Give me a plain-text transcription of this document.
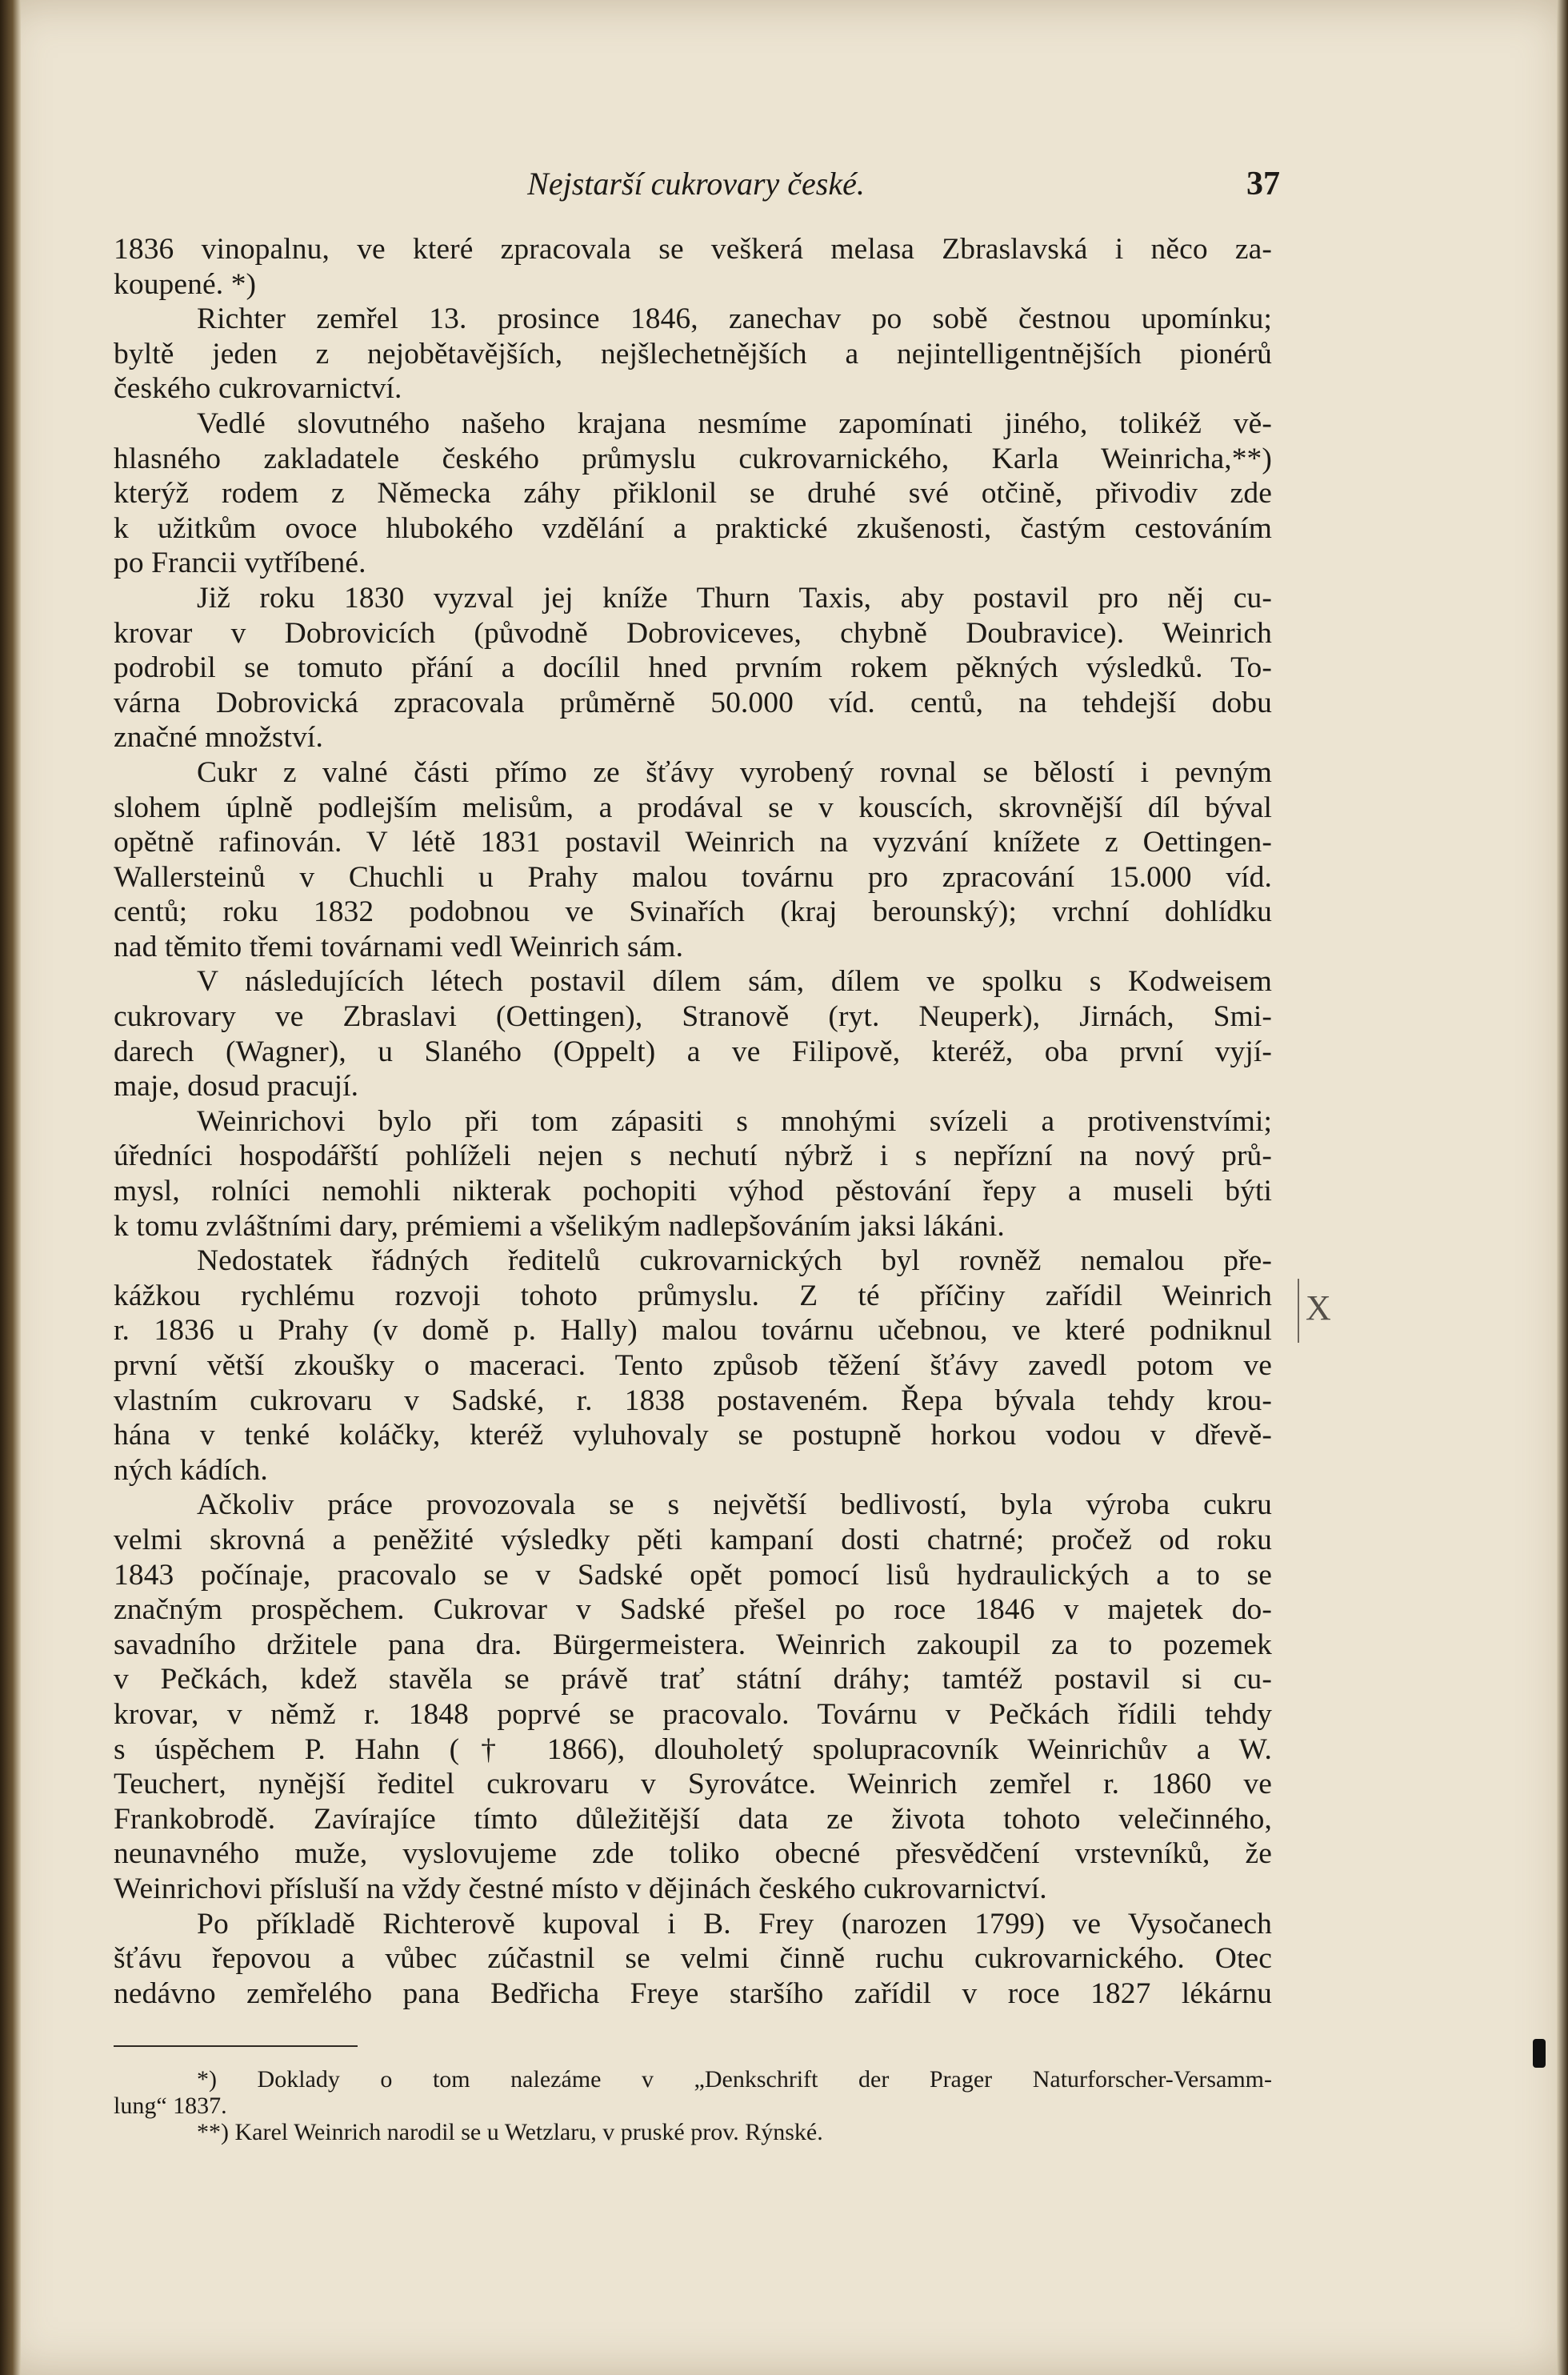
Nejstarší cukrovary české.	37
1836 vinopalnu, ve které zpracovala se veškerá melasa Zbraslavská i něco za-
koupené. *)
Richter zemřel 13. prosince 1846, zanechav po sobě čestnou upomínku;
byltě jeden z nejobětavějších, nejšlechetnějších a nejintelligentnějších pionérů
českého cukrovarnictví.
Vedlé slovutného našeho krajana nesmíme zapomínati jiného, tolikéž vě-
hlasného zakladatele českého průmyslu cukrovarnického, Karla Weinricha,**)
kterýž rodem z Německa záhy přiklonil se druhé své otčině, přivodiv zde
k užitkům ovoce hlubokého vzdělání a praktické zkušenosti, častým cestováním
po Francii vytříbené.
Již roku 1830 vyzval jej kníže Thurn Taxis, aby postavil pro něj cu-
krovar v Dobrovicích (původně Dobroviceves, chybně Doubravice). Weinrich
podrobil se tomuto přání a docílil hned prvním rokem pěkných výsledků. To-
várna Dobrovická zpracovala průměrně 50.000 víd. centů, na tehdejší dobu
značné množství.
Cukr z valné části přímo ze šťávy vyrobený rovnal se bělostí i pevným
slohem úplně podlejším melisům, a prodával se v kouscích, skrovnější díl býval
opětně rafinován. V létě 1831 postavil Weinrich na vyzvání knížete z Oettingen-
Wallersteinů v Chuchli u Prahy malou továrnu pro zpracování 15.000 víd.
centů; roku 1832 podobnou ve Svinařích (kraj berounský); vrchní dohlídku
nad těmito třemi továrnami vedl Weinrich sám.
V následujících létech postavil dílem sám, dílem ve spolku s Kodweisem
cukrovary ve Zbraslavi (Oettingen), Stranově (ryt. Neuperk), Jirnách, Smi-
darech (Wagner), u Slaného (Oppelt) a ve Filipově, kteréž, oba první vyjí-
maje, dosud pracují.
Weinrichovi bylo při tom zápasiti s mnohými svízeli a protivenstvími;
úředníci hospodářští pohlíželi nejen s nechutí nýbrž i s nepřízní na nový prů-
mysl, rolníci nemohli nikterak pochopiti výhod pěstování řepy a museli býti
k tomu zvláštními dary, prémiemi a všelikým nadlepšováním jaksi lákáni.
Nedostatek řádných ředitelů cukrovarnických byl rovněž nemalou pře-
kážkou rychlému rozvoji tohoto průmyslu. Z té příčiny zařídil Weinrich
r. 1836 u Prahy (v domě p. Hally) malou továrnu učebnou, ve které podniknul
první větší zkoušky o maceraci. Tento způsob těžení šťávy zavedl potom ve
vlastním cukrovaru v Sadské, r. 1838 postaveném. Řepa bývala tehdy krou-
hána v tenké koláčky, kteréž vyluhovaly se postupně horkou vodou v dřevě-
ných kádích.
Ačkoliv práce provozovala se s největší bedlivostí, byla výroba cukru
velmi skrovná a peněžité výsledky pěti kampaní dosti chatrné; pročež od roku
1843 počínaje, pracovalo se v Sadské opět pomocí lisů hydraulických a to se
značným prospěchem. Cukrovar v Sadské přešel po roce 1846 v majetek do-
savadního držitele pana dra. Bürgermeistera. Weinrich zakoupil za to pozemek
v Pečkách, kdež stavěla se právě trať státní dráhy; tamtéž postavil si cu-
krovar, v němž r. 1848 poprvé se pracovalo. Továrnu v Pečkách řídili tehdy
s úspěchem P. Hahn († 1866), dlouholetý spolupracovník Weinrichův a W.
Teuchert, nynější ředitel cukrovaru v Syrovátce. Weinrich zemřel r. 1860 ve
Frankobrodě. Zavírajíce tímto důležitější data ze života tohoto velečinného,
neunavného muže, vyslovujeme zde toliko obecné přesvědčení vrstevníků, že
Weinrichovi přísluší na vždy čestné místo v dějinách českého cukrovarnictví.
Po příkladě Richterově kupoval i B. Frey (narozen 1799) ve Vysočanech
šťávu řepovou a vůbec zúčastnil se velmi činně ruchu cukrovarnického. Otec
nedávno zemřelého pana Bedřicha Freye staršího zařídil v roce 1827 lékárnu
X
*) Doklady o tom nalezáme v „Denkschrift der Prager Naturforscher-Versamm-
lung“ 1837.
**) Karel Weinrich narodil se u Wetzlaru, v pruské prov. Rýnské.
